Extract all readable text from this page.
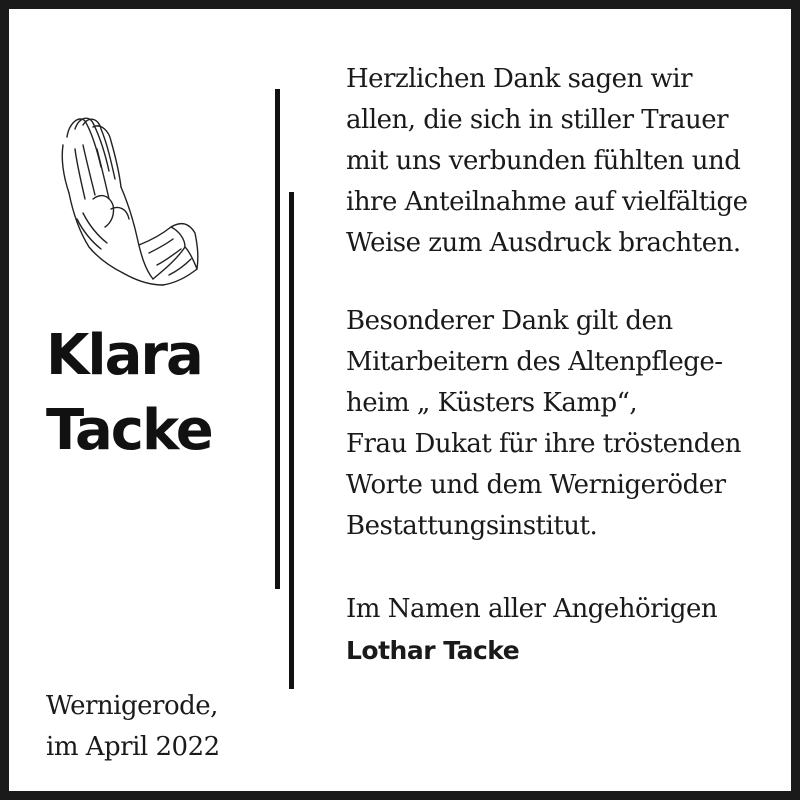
Klara
Tacke
Herzlichen Dank sagen wir
allen, die sich in stiller Trauer
mit uns verbunden fühlten und
ihre Anteilnahme auf vielfältige
Weise zum Ausdruck brachten.
Besonderer Dank gilt den
Mitarbeitern des Altenpflege-
heim „ Küsters Kamp“,
Frau Dukat für ihre tröstenden
Worte und dem Wernigeröder
Bestattungsinstitut.
Im Namen aller Angehörigen
Lothar Tacke
Wernigerode,
im April 2022
